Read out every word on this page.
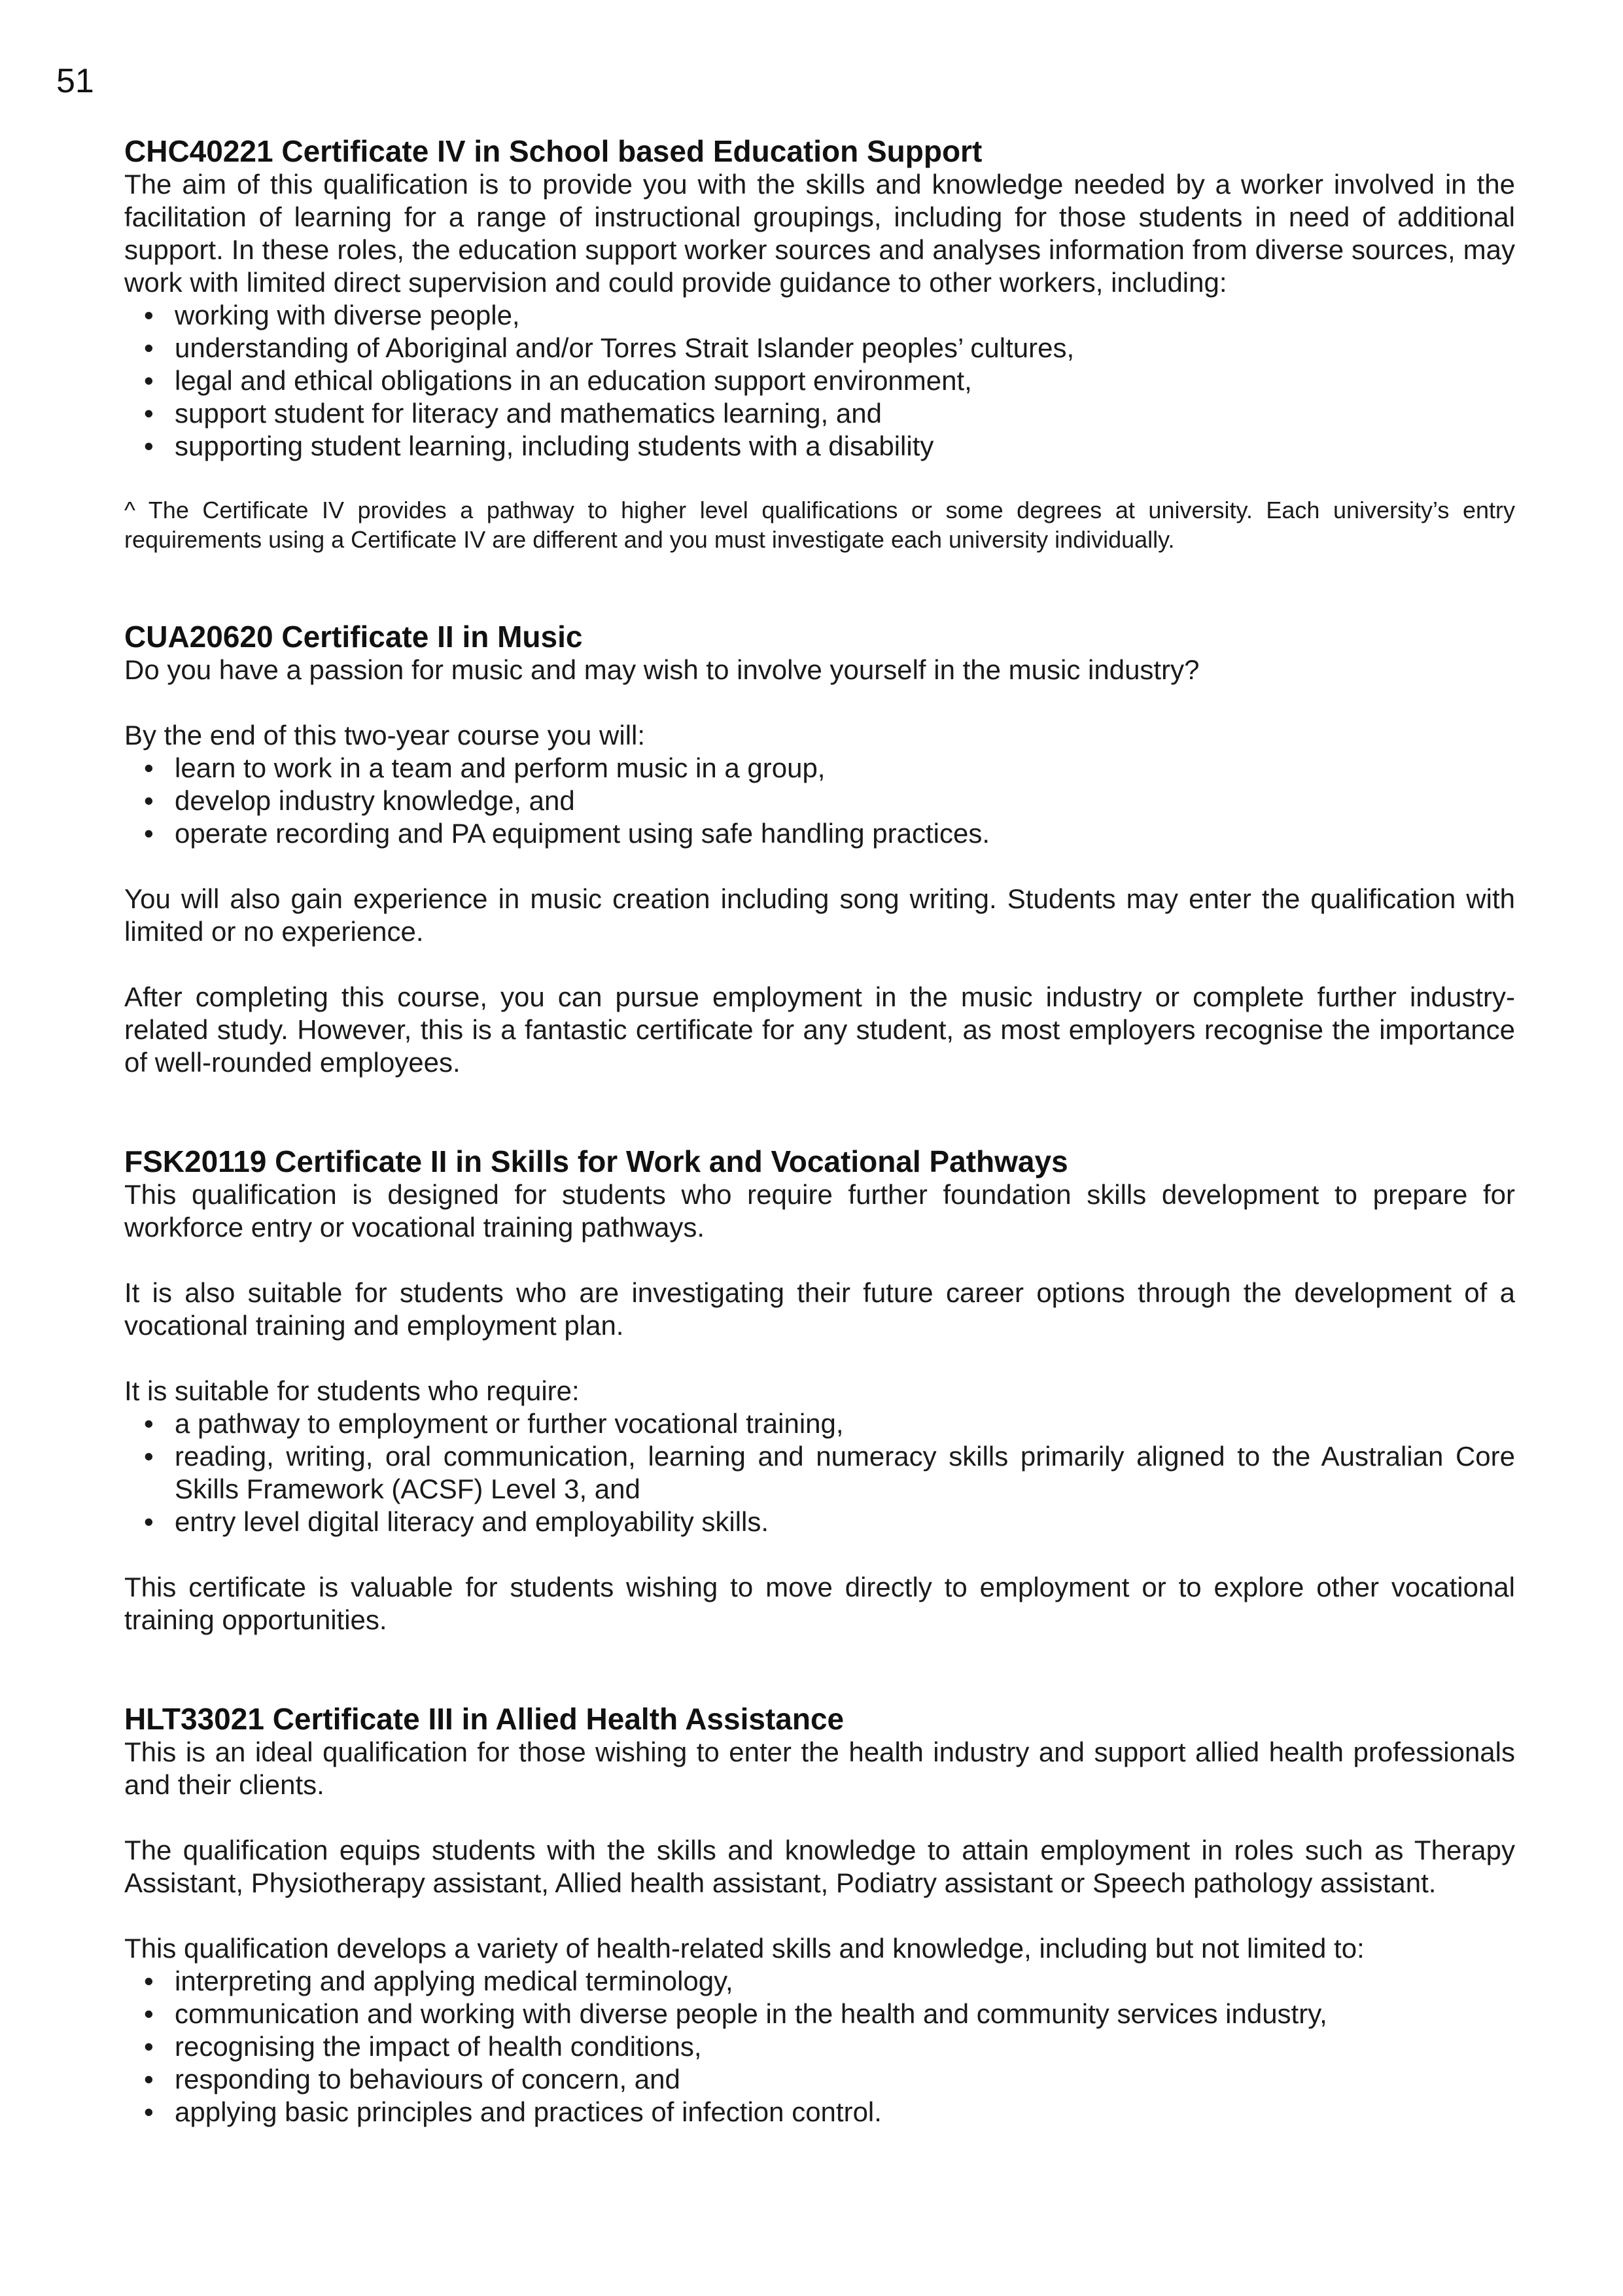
51
CHC40221 Certificate IV in School based Education Support

The aim of this qualification is to provide you with the skills and knowledge needed by a worker involved in the facilitation of learning for a range of instructional groupings, including for those students in need of additional support. In these roles, the education support worker sources and analyses information from diverse sources, may work with limited direct supervision and could provide guidance to other workers, including:

• working with diverse people,
• understanding of Aboriginal and/or Torres Strait Islander peoples’ cultures,
• legal and ethical obligations in an education support environment,
• support student for literacy and mathematics learning, and
• supporting student learning, including students with a disability

^ The Certificate IV provides a pathway to higher level qualifications or some degrees at university. Each university’s entry requirements using a Certificate IV are different and you must investigate each university individually.

CUA20620 Certificate II in Music

Do you have a passion for music and may wish to involve yourself in the music industry?

By the end of this two-year course you will:

• learn to work in a team and perform music in a group,
• develop industry knowledge, and
• operate recording and PA equipment using safe handling practices.

You will also gain experience in music creation including song writing. Students may enter the qualification with limited or no experience.

After completing this course, you can pursue employment in the music industry or complete further industry-related study. However, this is a fantastic certificate for any student, as most employers recognise the importance of well-rounded employees.

FSK20119 Certificate II in Skills for Work and Vocational Pathways

This qualification is designed for students who require further foundation skills development to prepare for workforce entry or vocational training pathways.

It is also suitable for students who are investigating their future career options through the development of a vocational training and employment plan.

It is suitable for students who require:

• a pathway to employment or further vocational training,
• reading, writing, oral communication, learning and numeracy skills primarily aligned to the Australian Core Skills Framework (ACSF) Level 3, and
• entry level digital literacy and employability skills.

This certificate is valuable for students wishing to move directly to employment or to explore other vocational training opportunities.

HLT33021 Certificate III in Allied Health Assistance

This is an ideal qualification for those wishing to enter the health industry and support allied health professionals and their clients.

The qualification equips students with the skills and knowledge to attain employment in roles such as Therapy Assistant, Physiotherapy assistant, Allied health assistant, Podiatry assistant or Speech pathology assistant.

This qualification develops a variety of health-related skills and knowledge, including but not limited to:

• interpreting and applying medical terminology,
• communication and working with diverse people in the health and community services industry,
• recognising the impact of health conditions,
• responding to behaviours of concern, and
• applying basic principles and practices of infection control.
